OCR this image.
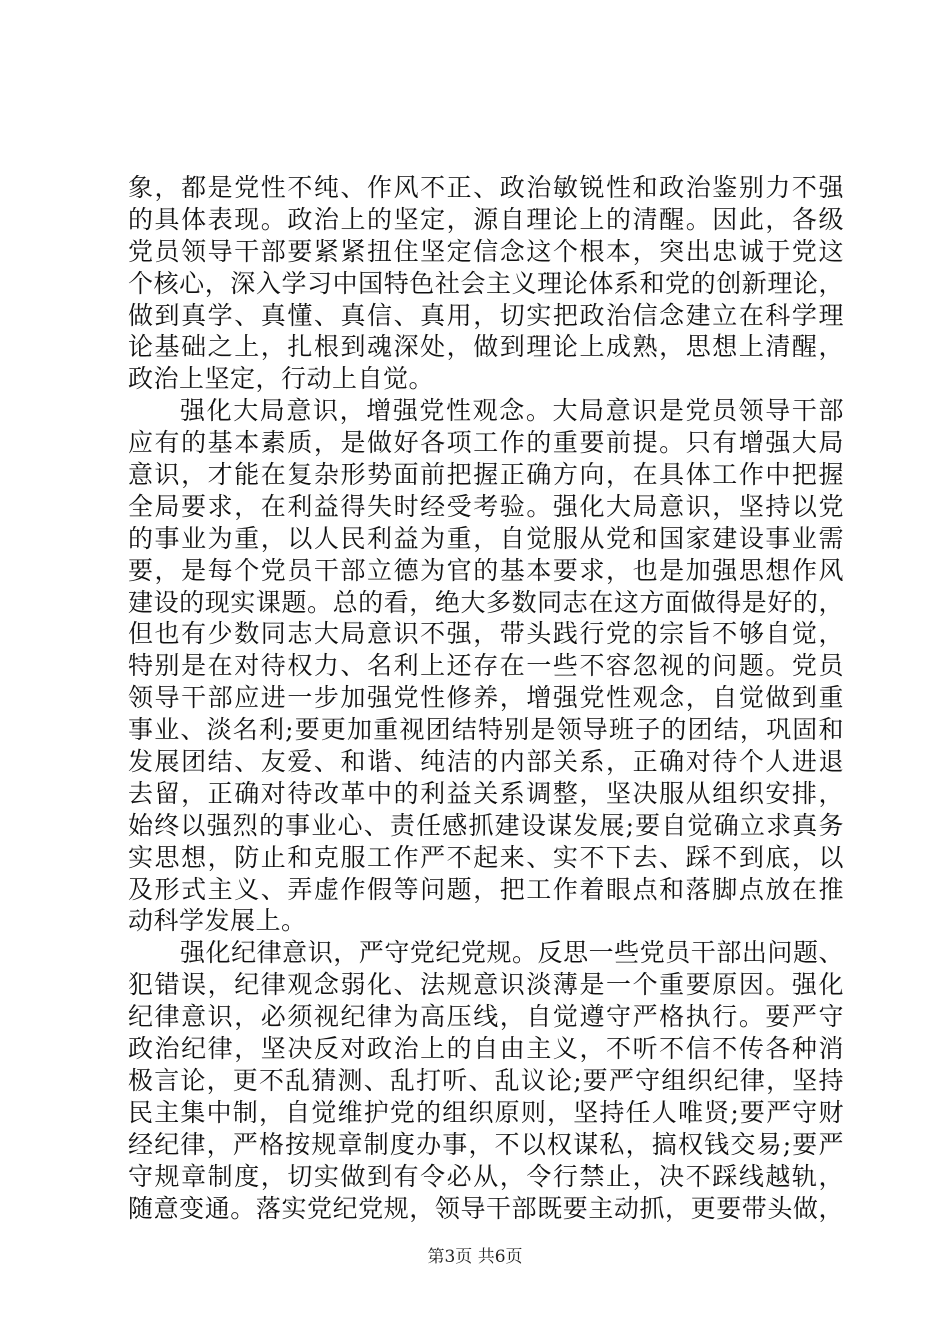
象，都是党性不纯、作风不正、政治敏锐性和政治鉴别力不强
的具体表现。政治上的坚定，源自理论上的清醒。因此，各级
党员领导干部要紧紧扭住坚定信念这个根本，突出忠诚于党这
个核心，深入学习中国特色社会主义理论体系和党的创新理论，
做到真学、真懂、真信、真用，切实把政治信念建立在科学理
论基础之上，扎根到魂深处，做到理论上成熟，思想上清醒，
政治上坚定，行动上自觉。
强化大局意识，增强党性观念。大局意识是党员领导干部
应有的基本素质，是做好各项工作的重要前提。只有增强大局
意识，才能在复杂形势面前把握正确方向，在具体工作中把握
全局要求，在利益得失时经受考验。强化大局意识，坚持以党
的事业为重，以人民利益为重，自觉服从党和国家建设事业需
要，是每个党员干部立德为官的基本要求，也是加强思想作风
建设的现实课题。总的看，绝大多数同志在这方面做得是好的，
但也有少数同志大局意识不强，带头践行党的宗旨不够自觉，
特别是在对待权力、名利上还存在一些不容忽视的问题。党员
领导干部应进一步加强党性修养，增强党性观念，自觉做到重
事业、淡名利;要更加重视团结特别是领导班子的团结，巩固和
发展团结、友爱、和谐、纯洁的内部关系，正确对待个人进退
去留，正确对待改革中的利益关系调整，坚决服从组织安排，
始终以强烈的事业心、责任感抓建设谋发展;要自觉确立求真务
实思想，防止和克服工作严不起来、实不下去、踩不到底，以
及形式主义、弄虚作假等问题，把工作着眼点和落脚点放在推
动科学发展上。
强化纪律意识，严守党纪党规。反思一些党员干部出问题、
犯错误，纪律观念弱化、法规意识淡薄是一个重要原因。强化
纪律意识，必须视纪律为高压线，自觉遵守严格执行。要严守
政治纪律，坚决反对政治上的自由主义，不听不信不传各种消
极言论，更不乱猜测、乱打听、乱议论;要严守组织纪律，坚持
民主集中制，自觉维护党的组织原则，坚持任人唯贤;要严守财
经纪律，严格按规章制度办事，不以权谋私，搞权钱交易;要严
守规章制度，切实做到有令必从，令行禁止，决不踩线越轨，
随意变通。落实党纪党规，领导干部既要主动抓，更要带头做，
第3页 共6页
